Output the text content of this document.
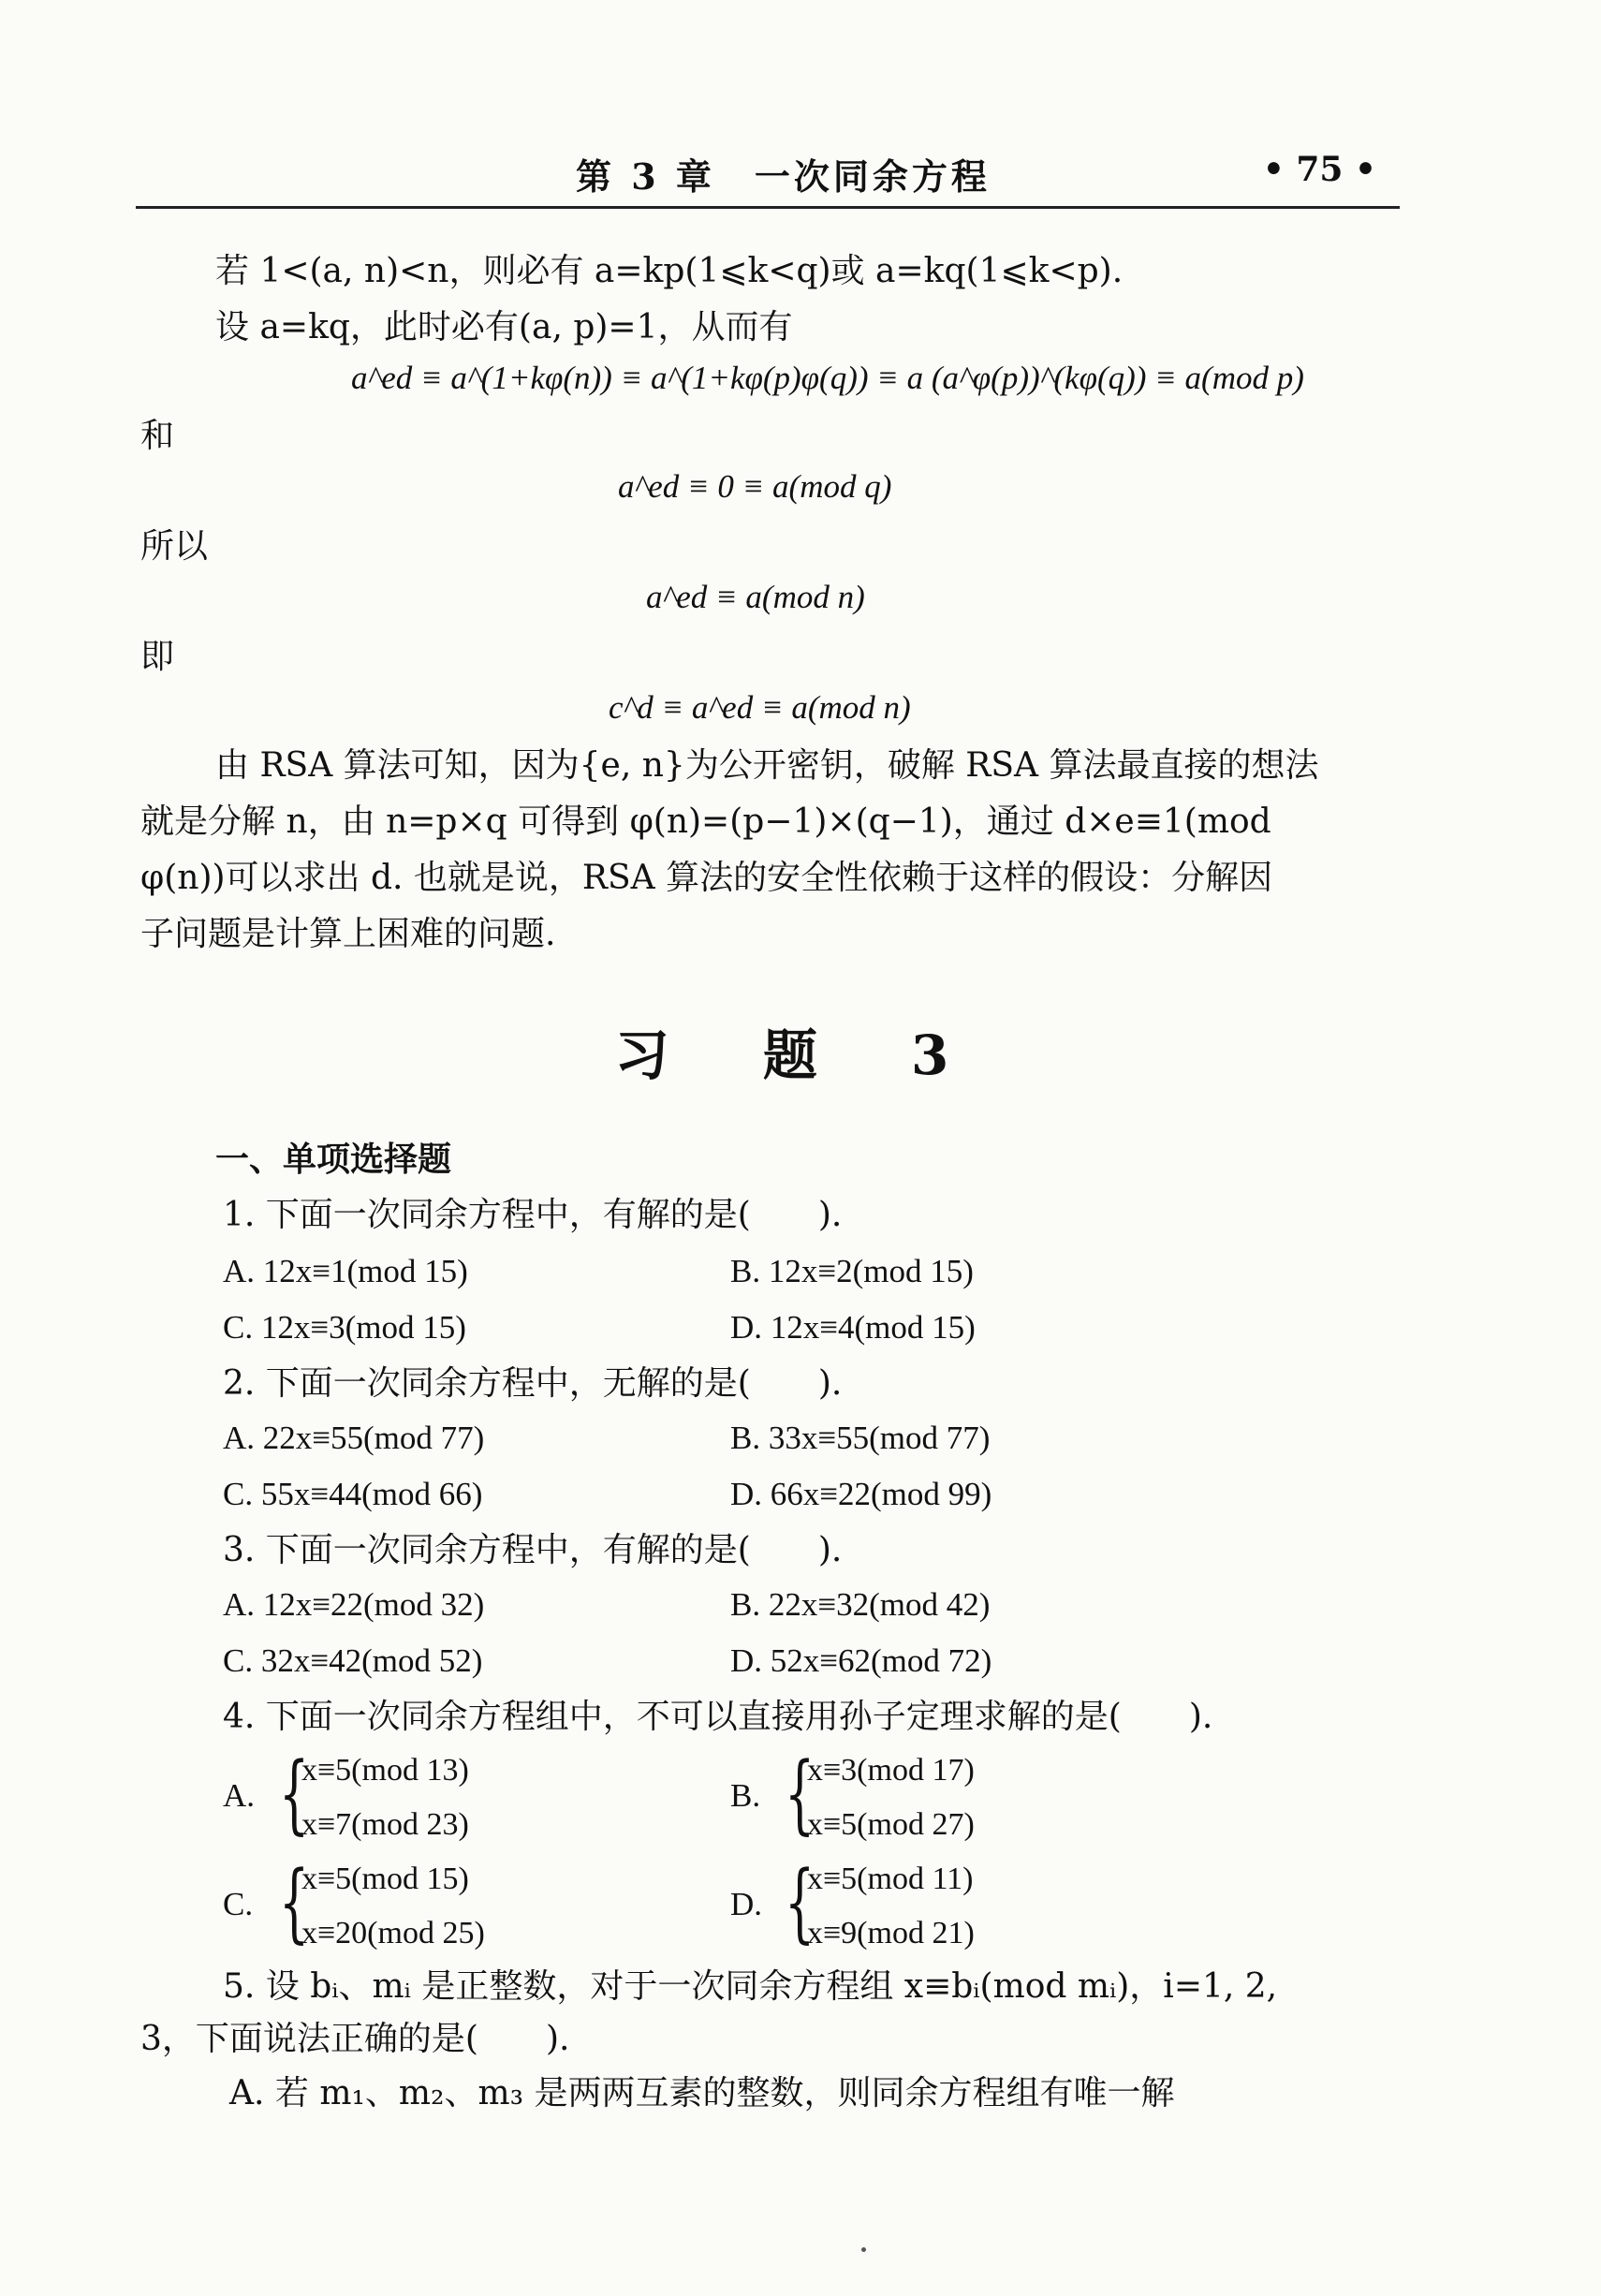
第 3 章　一次同余方程	• 75 •
若 1<(a, n)<n，则必有 a=kp(1⩽k<q)或 a=kq(1⩽k<p).
设 a=kq，此时必有(a, p)=1，从而有
a^ed ≡ a^(1+kφ(n)) ≡ a^(1+kφ(p)φ(q)) ≡ a (a^φ(p))^(kφ(q)) ≡ a(mod p)
和
a^ed ≡ 0 ≡ a(mod q)
所以
a^ed ≡ a(mod n)
即
c^d ≡ a^ed ≡ a(mod n)
由 RSA 算法可知，因为{e, n}为公开密钥，破解 RSA 算法最直接的想法
就是分解 n，由 n=p×q 可得到 φ(n)=(p−1)×(q−1)，通过 d×e≡1(mod
φ(n))可以求出 d. 也就是说，RSA 算法的安全性依赖于这样的假设：分解因
子问题是计算上困难的问题.
习 题 3
一、单项选择题
1. 下面一次同余方程中，有解的是(　　).
A. 12x≡1(mod 15)	B. 12x≡2(mod 15)
C. 12x≡3(mod 15)	D. 12x≡4(mod 15)
2. 下面一次同余方程中，无解的是(　　).
A. 22x≡55(mod 77)	B. 33x≡55(mod 77)
C. 55x≡44(mod 66)	D. 66x≡22(mod 99)
3. 下面一次同余方程中，有解的是(　　).
A. 12x≡22(mod 32)	B. 22x≡32(mod 42)
C. 32x≡42(mod 52)	D. 52x≡62(mod 72)
4. 下面一次同余方程组中，不可以直接用孙子定理求解的是(　　).
A. {
x≡5(mod 13)
x≡7(mod 23)
B. {
x≡3(mod 17)
x≡5(mod 27)
C. {
x≡5(mod 15)
x≡20(mod 25)
D. {
x≡5(mod 11)
x≡9(mod 21)
5. 设 bᵢ、mᵢ 是正整数，对于一次同余方程组 x≡bᵢ(mod mᵢ)，i=1, 2,
3，下面说法正确的是(　　).
A. 若 m₁、m₂、m₃ 是两两互素的整数，则同余方程组有唯一解
